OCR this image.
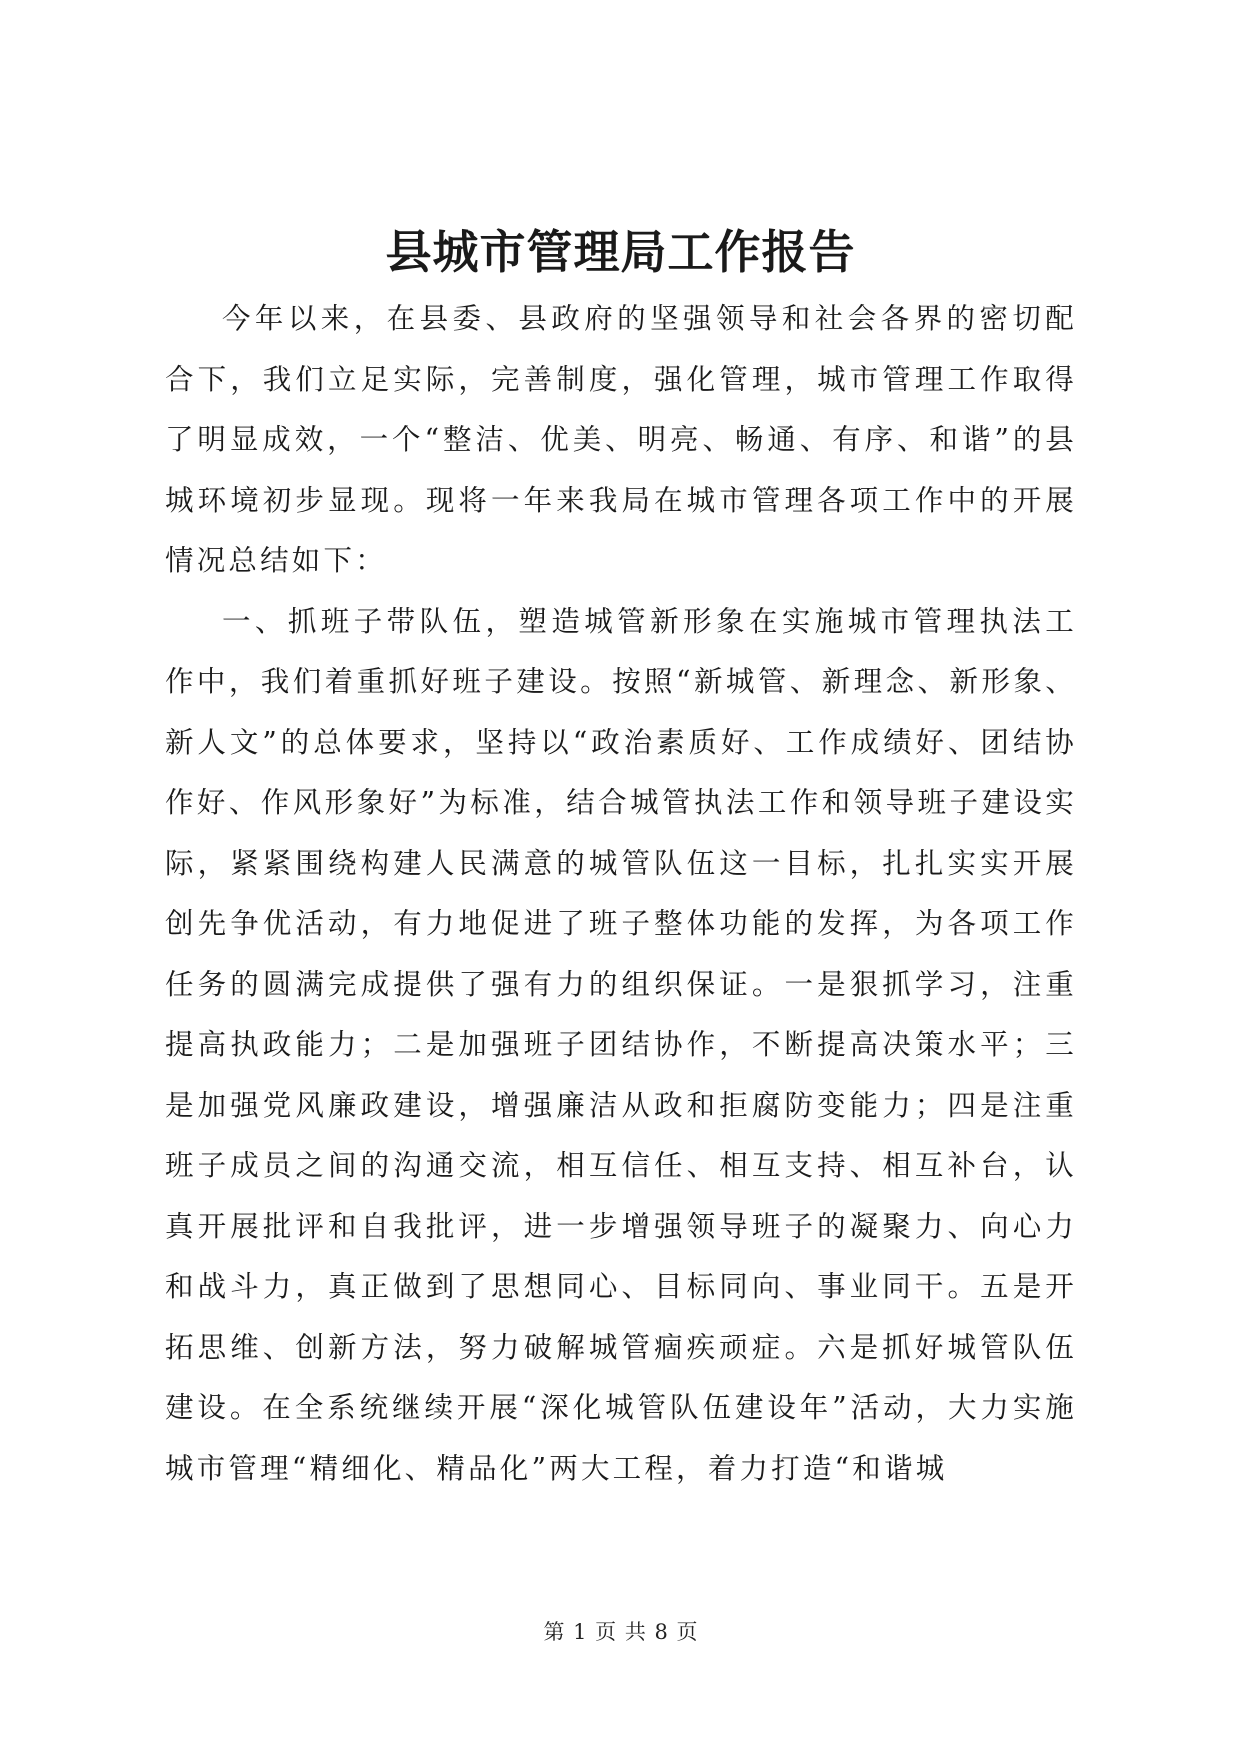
县城市管理局工作报告

今年以来，在县委、县政府的坚强领导和社会各界的密切配合下，我们立足实际，完善制度，强化管理，城市管理工作取得了明显成效，一个“整洁、优美、明亮、畅通、有序、和谐”的县城环境初步显现。现将一年来我局在城市管理各项工作中的开展情况总结如下：

一、抓班子带队伍，塑造城管新形象在实施城市管理执法工作中，我们着重抓好班子建设。按照“新城管、新理念、新形象、新人文”的总体要求，坚持以“政治素质好、工作成绩好、团结协作好、作风形象好”为标准，结合城管执法工作和领导班子建设实际，紧紧围绕构建人民满意的城管队伍这一目标，扎扎实实开展创先争优活动，有力地促进了班子整体功能的发挥，为各项工作任务的圆满完成提供了强有力的组织保证。一是狠抓学习，注重提高执政能力；二是加强班子团结协作，不断提高决策水平；三是加强党风廉政建设，增强廉洁从政和拒腐防变能力；四是注重班子成员之间的沟通交流，相互信任、相互支持、相互补台，认真开展批评和自我批评，进一步增强领导班子的凝聚力、向心力和战斗力，真正做到了思想同心、目标同向、事业同干。五是开拓思维、创新方法，努力破解城管痼疾顽症。六是抓好城管队伍建设。在全系统继续开展“深化城管队伍建设年”活动，大力实施城市管理“精细化、精品化”两大工程，着力打造“和谐城

第 1 页 共 8 页
